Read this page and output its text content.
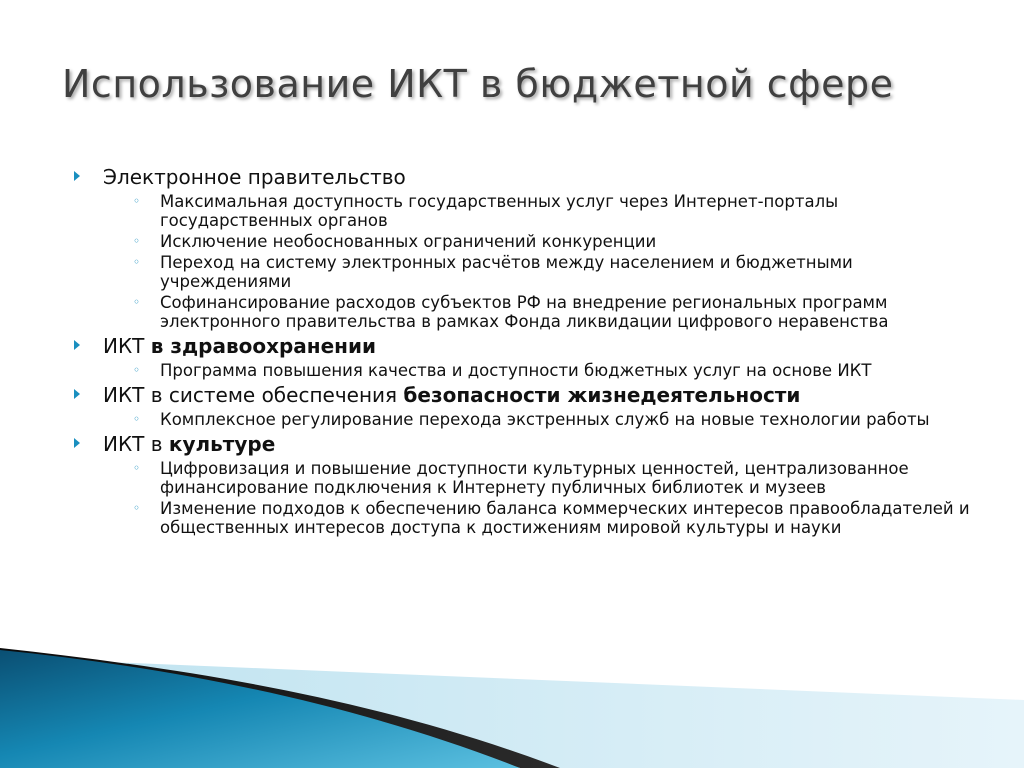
Использование ИКТ в бюджетной сфере
Электронное правительство
◦ Максимальная доступность государственных услуг через Интернет-порталы государственных органов
◦ Исключение необоснованных ограничений конкуренции
◦ Переход на систему электронных расчётов между населением и бюджетными учреждениями
◦ Софинансирование расходов субъектов РФ на внедрение региональных программ электронного правительства в рамках Фонда ликвидации цифрового неравенства
ИКТ в здравоохранении
◦ Программа повышения качества и доступности бюджетных услуг на основе ИКТ
ИКТ в системе обеспечения безопасности жизнедеятельности
◦ Комплексное регулирование перехода экстренных служб на новые технологии работы
ИКТ в культуре
◦ Цифровизация и повышение доступности культурных ценностей, централизованное финансирование подключения к Интернету публичных библиотек и музеев
◦ Изменение подходов к обеспечению баланса коммерческих интересов правообладателей и общественных интересов доступа к достижениям мировой культуры и науки
